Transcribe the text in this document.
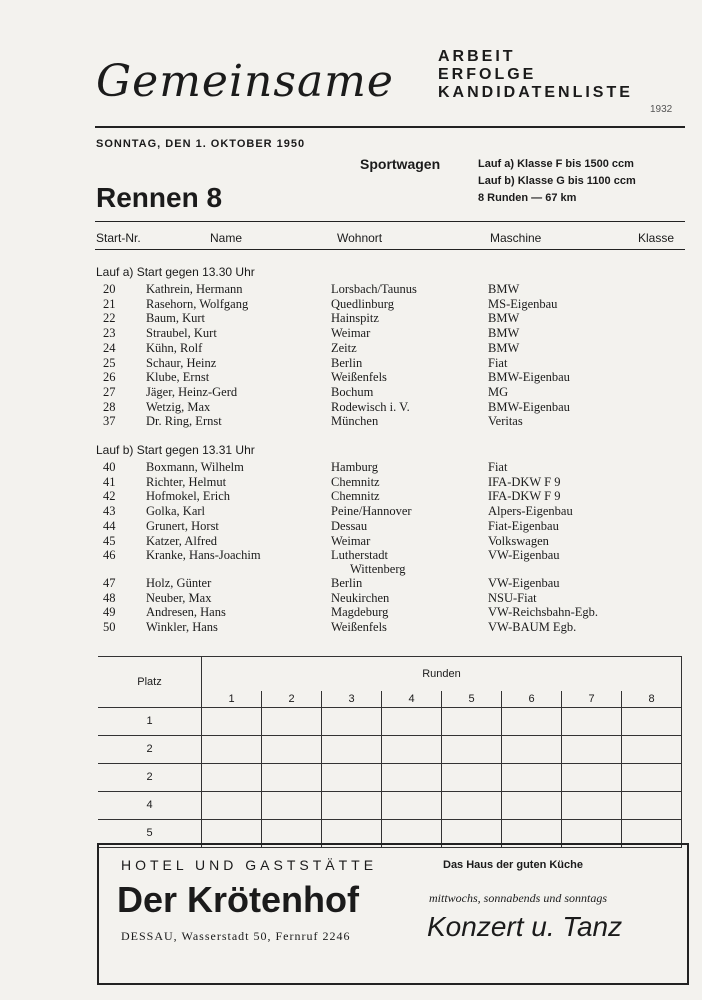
Gemeinsame	ARBEIT
ERFOLGE
KANDIDATENLISTE
1932
SONNTAG, DEN 1. OKTOBER 1950
Sportwagen	Lauf a) Klasse F bis 1500 ccm
Lauf b) Klasse G bis 1100 ccm
8 Runden — 67 km
Rennen 8
Start-Nr.	Name	Wohnort	Maschine	Klasse
Lauf a) Start gegen 13.30 Uhr
20 Kathrein, Hermann	Lorsbach/Taunus	BMW
21 Rasehorn, Wolfgang	Quedlinburg	MS-Eigenbau
22 Baum, Kurt	Hainspitz	BMW
23 Straubel, Kurt	Weimar	BMW
24 Kühn, Rolf	Zeitz	BMW
25 Schaur, Heinz	Berlin	Fiat
26 Klube, Ernst	Weißenfels	BMW-Eigenbau
27 Jäger, Heinz-Gerd	Bochum	MG
28 Wetzig, Max	Rodewisch i. V.	BMW-Eigenbau
37 Dr. Ring, Ernst	München	Veritas
Lauf b) Start gegen 13.31 Uhr
40 Boxmann, Wilhelm	Hamburg	Fiat
41 Richter, Helmut	Chemnitz	IFA-DKW F 9
42 Hofmokel, Erich	Chemnitz	IFA-DKW F 9
43 Golka, Karl	Peine/Hannover	Alpers-Eigenbau
44 Grunert, Horst	Dessau	Fiat-Eigenbau
45 Katzer, Alfred	Weimar	Volkswagen
46 Kranke, Hans-Joachim	Lutherstadt	VW-Eigenbau
Wittenberg
47 Holz, Günter	Berlin	VW-Eigenbau
48 Neuber, Max	Neukirchen	NSU-Fiat
49 Andresen, Hans	Magdeburg	VW-Reichsbahn-Egb.
50 Winkler, Hans	Weißenfels	VW-BAUM Egb.
Platz	Runden							
	1	2	3	4	5	6	7	8
1								
2								
2								
4								
5								
HOTEL UND GASTSTÄTTE
Der Krötenhof
DESSAU, Wasserstadt 50, Fernruf 2246
Das Haus der guten Küche
mittwochs, sonnabends und sonntags
Konzert u. Tanz
